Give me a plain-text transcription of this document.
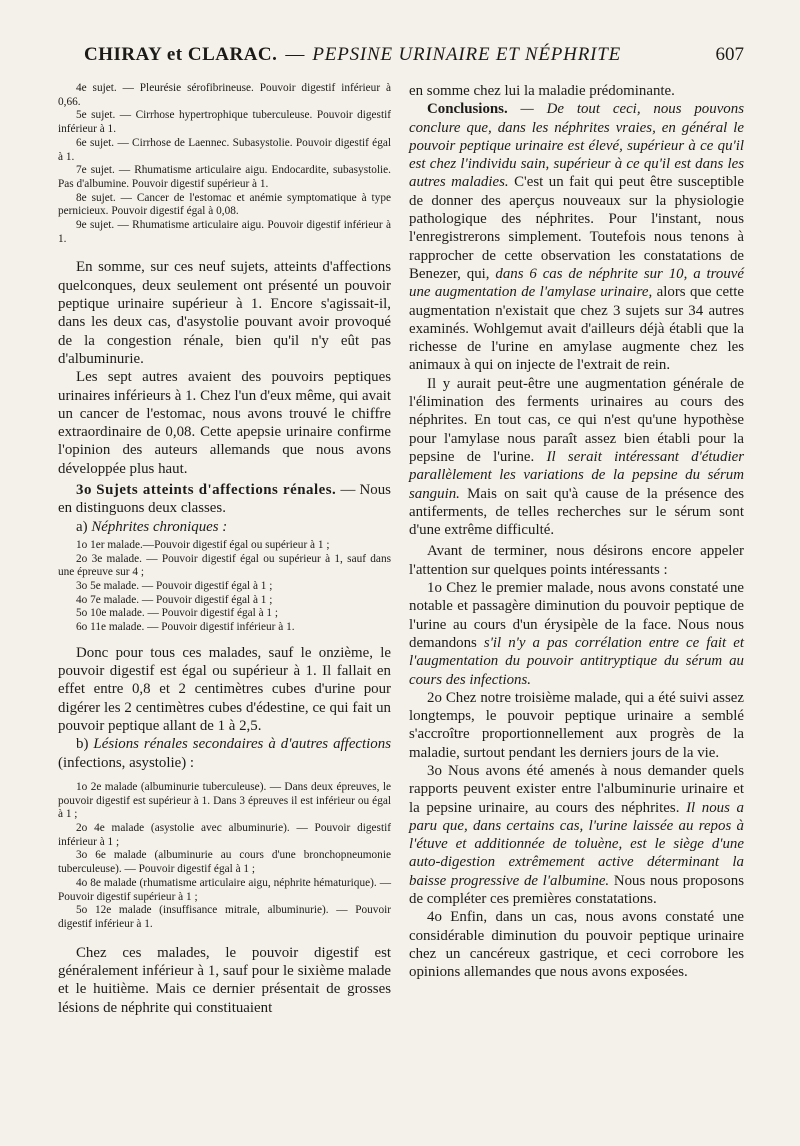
CHIRAY et CLARAC. — PEPSINE URINAIRE ET NÉPHRITE	607

4e sujet. — Pleurésie sérofibrineuse. Pouvoir digestif inférieur à 0,66.

5e sujet. — Cirrhose hypertrophique tuberculeuse. Pouvoir digestif inférieur à 1.

6e sujet. — Cirrhose de Laennec. Subasystolie. Pouvoir digestif égal à 1.

7e sujet. — Rhumatisme articulaire aigu. Endocardite, subasystolie. Pas d'albumine. Pouvoir digestif supérieur à 1.

8e sujet. — Cancer de l'estomac et anémie symptomatique à type pernicieux. Pouvoir digestif égal à 0,08.

9e sujet. — Rhumatisme articulaire aigu. Pouvoir digestif inférieur à 1.

En somme, sur ces neuf sujets, atteints d'affections quelconques, deux seulement ont présenté un pouvoir peptique urinaire supérieur à 1. Encore s'agissait-il, dans les deux cas, d'asystolie pouvant avoir provoqué de la congestion rénale, bien qu'il n'y eût pas d'albuminurie.

Les sept autres avaient des pouvoirs peptiques urinaires inférieurs à 1. Chez l'un d'eux même, qui avait un cancer de l'estomac, nous avons trouvé le chiffre extraordinaire de 0,08. Cette apepsie urinaire confirme l'opinion des auteurs allemands que nous avons développée plus haut.

3o Sujets atteints d'affections rénales. — Nous en distinguons deux classes.

a) Néphrites chroniques :

1o 1er malade.—Pouvoir digestif égal ou supérieur à 1 ;

2o 3e malade. — Pouvoir digestif égal ou supérieur à 1, sauf dans une épreuve sur 4 ;

3o 5e malade. — Pouvoir digestif égal à 1 ;

4o 7e malade. — Pouvoir digestif égal à 1 ;

5o 10e malade. — Pouvoir digestif égal à 1 ;

6o 11e malade. — Pouvoir digestif inférieur à 1.

Donc pour tous ces malades, sauf le onzième, le pouvoir digestif est égal ou supérieur à 1. Il fallait en effet entre 0,8 et 2 centimètres cubes d'urine pour digérer les 2 centimètres cubes d'édestine, ce qui fait un pouvoir peptique allant de 1 à 2,5.

b) Lésions rénales secondaires à d'autres affections (infections, asystolie) :

1o 2e malade (albuminurie tuberculeuse). — Dans deux épreuves, le pouvoir digestif est supérieur à 1. Dans 3 épreuves il est inférieur ou égal à 1 ;

2o 4e malade (asystolie avec albuminurie). — Pouvoir digestif inférieur à 1 ;

3o 6e malade (albuminurie au cours d'une bronchopneumonie tuberculeuse). — Pouvoir digestif égal à 1 ;

4o 8e malade (rhumatisme articulaire aigu, néphrite hématurique). — Pouvoir digestif supérieur à 1 ;

5o 12e malade (insuffisance mitrale, albuminurie). — Pouvoir digestif inférieur à 1.

Chez ces malades, le pouvoir digestif est généralement inférieur à 1, sauf pour le sixième malade et le huitième. Mais ce dernier présentait de grosses lésions de néphrite qui constituaient

en somme chez lui la maladie prédominante.

Conclusions. — De tout ceci, nous pouvons conclure que, dans les néphrites vraies, en général le pouvoir peptique urinaire est élevé, supérieur à ce qu'il est chez l'individu sain, supérieur à ce qu'il est dans les autres maladies. C'est un fait qui peut être susceptible de donner des aperçus nouveaux sur la physiologie pathologique des néphrites. Pour l'instant, nous l'enregistrerons simplement. Toutefois nous tenons à rapprocher de cette observation les constatations de Benezer, qui, dans 6 cas de néphrite sur 10, a trouvé une augmentation de l'amylase urinaire, alors que cette augmentation n'existait que chez 3 sujets sur 34 autres examinés. Wohlgemut avait d'ailleurs déjà établi que la richesse de l'urine en amylase augmente chez les animaux à qui on injecte de l'extrait de rein.

Il y aurait peut-être une augmentation générale de l'élimination des ferments urinaires au cours des néphrites. En tout cas, ce qui n'est qu'une hypothèse pour l'amylase nous paraît assez bien établi pour la pepsine de l'urine. Il serait intéressant d'étudier parallèlement les variations de la pepsine du sérum sanguin. Mais on sait qu'à cause de la présence des antiferments, de telles recherches sur le sérum sont d'une extrême difficulté.

Avant de terminer, nous désirons encore appeler l'attention sur quelques points intéressants :

1o Chez le premier malade, nous avons constaté une notable et passagère diminution du pouvoir peptique de l'urine au cours d'un érysipèle de la face. Nous nous demandons s'il n'y a pas corrélation entre ce fait et l'augmentation du pouvoir antitryptique du sérum au cours des infections.

2o Chez notre troisième malade, qui a été suivi assez longtemps, le pouvoir peptique urinaire a semblé s'accroître proportionnellement aux progrès de la maladie, surtout pendant les derniers jours de la vie.

3o Nous avons été amenés à nous demander quels rapports peuvent exister entre l'albuminurie urinaire et la pepsine urinaire, au cours des néphrites. Il nous a paru que, dans certains cas, l'urine laissée au repos à l'étuve et additionnée de toluène, est le siège d'une auto-digestion extrêmement active déterminant la baisse progressive de l'albumine. Nous nous proposons de compléter ces premières constatations.

4o Enfin, dans un cas, nous avons constaté une considérable diminution du pouvoir peptique urinaire chez un cancéreux gastrique, et ceci corrobore les opinions allemandes que nous avons exposées.
